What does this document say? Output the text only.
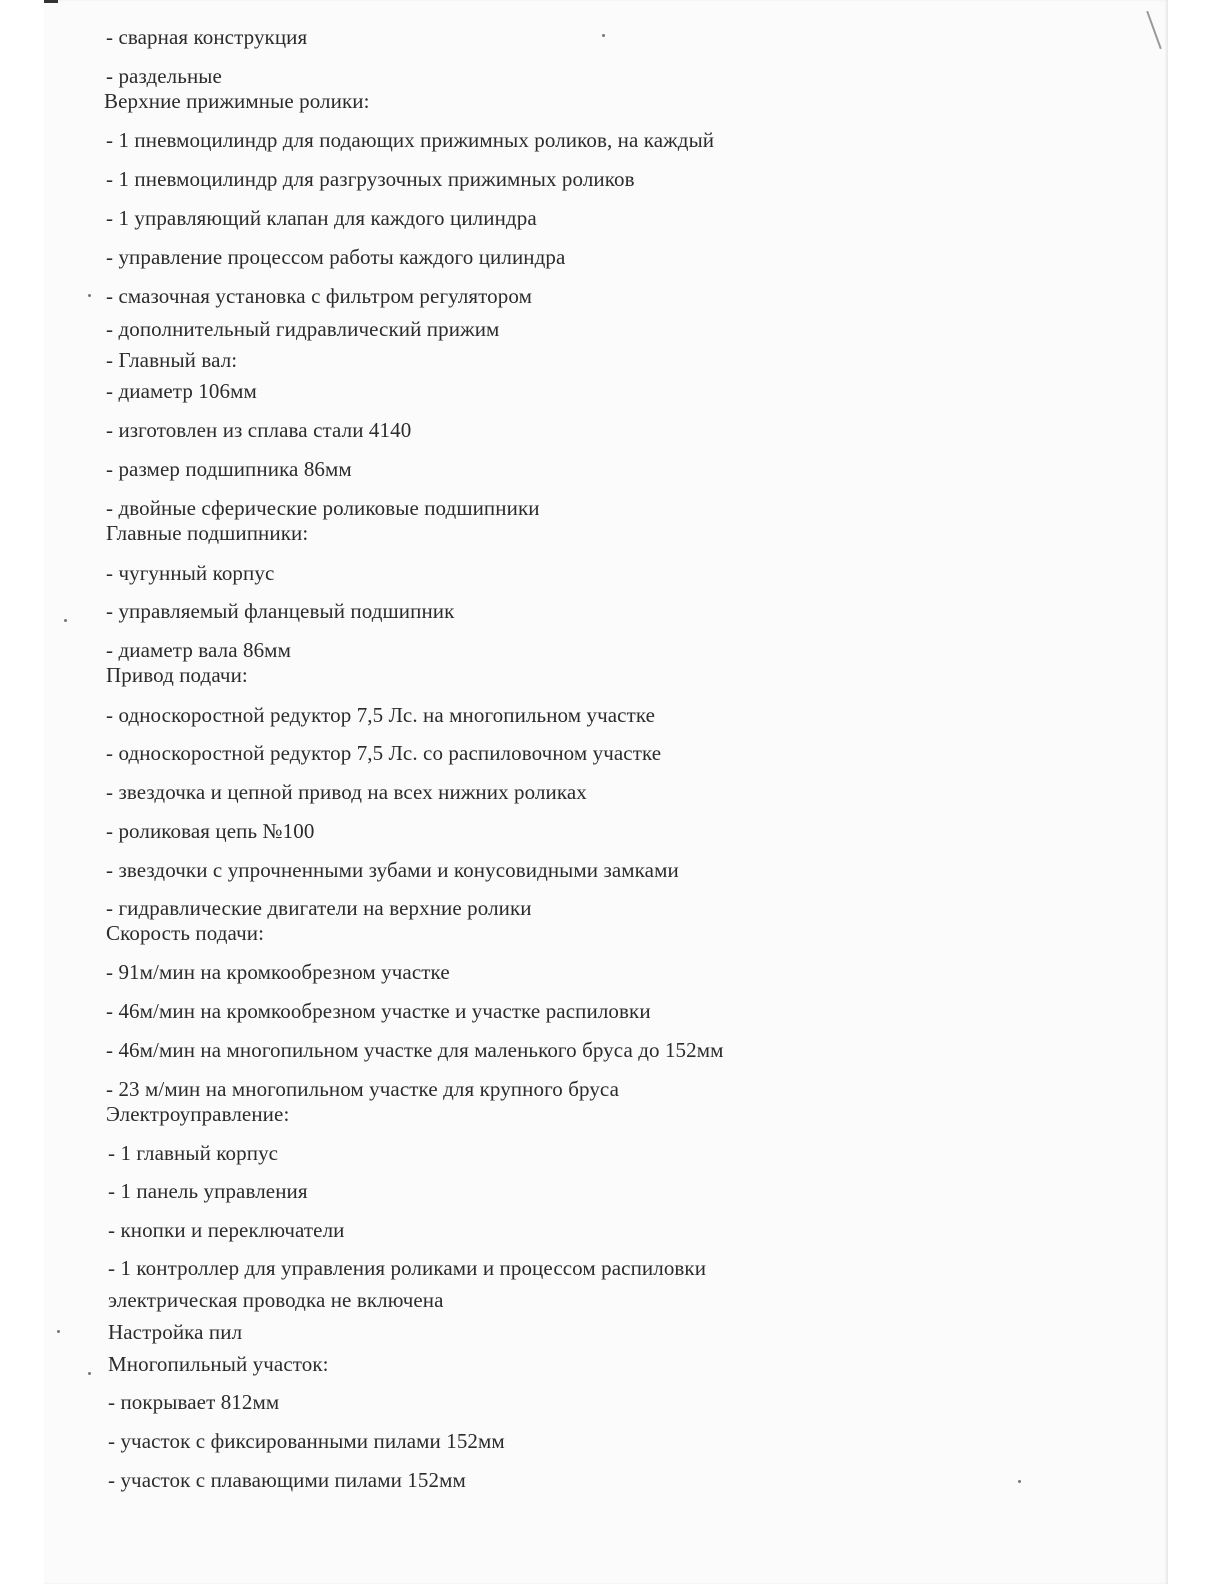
- сварная конструкция
- раздельные
Верхние прижимные ролики:
- 1 пневмоцилиндр для подающих прижимных роликов, на каждый
- 1 пневмоцилиндр для разгрузочных прижимных роликов
- 1 управляющий клапан для каждого цилиндра
- управление процессом работы каждого цилиндра
- смазочная установка с фильтром регулятором
- дополнительный гидравлический прижим
- Главный вал:
- диаметр 106мм
- изготовлен из сплава стали 4140
- размер подшипника 86мм
- двойные сферические роликовые подшипники
Главные подшипники:
- чугунный корпус
- управляемый фланцевый подшипник
- диаметр вала 86мм
Привод подачи:
- односкоростной редуктор 7,5 Лс. на многопильном участке
- односкоростной редуктор 7,5 Лс. со распиловочном участке
- звездочка и цепной привод на всех нижних роликах
- роликовая цепь №100
- звездочки с упрочненными зубами и конусовидными замками
- гидравлические двигатели на верхние ролики
Скорость подачи:
- 91м/мин на кромкообрезном участке
- 46м/мин на кромкообрезном участке и участке распиловки
- 46м/мин на многопильном участке для маленького бруса до 152мм
- 23 м/мин на многопильном участке для крупного бруса
Электроуправление:
- 1 главный корпус
- 1 панель управления
- кнопки и переключатели
- 1 контроллер для управления роликами и процессом распиловки
электрическая проводка не включена
Настройка пил
Многопильный участок:
- покрывает 812мм
- участок с фиксированными пилами 152мм
- участок с плавающими пилами 152мм
